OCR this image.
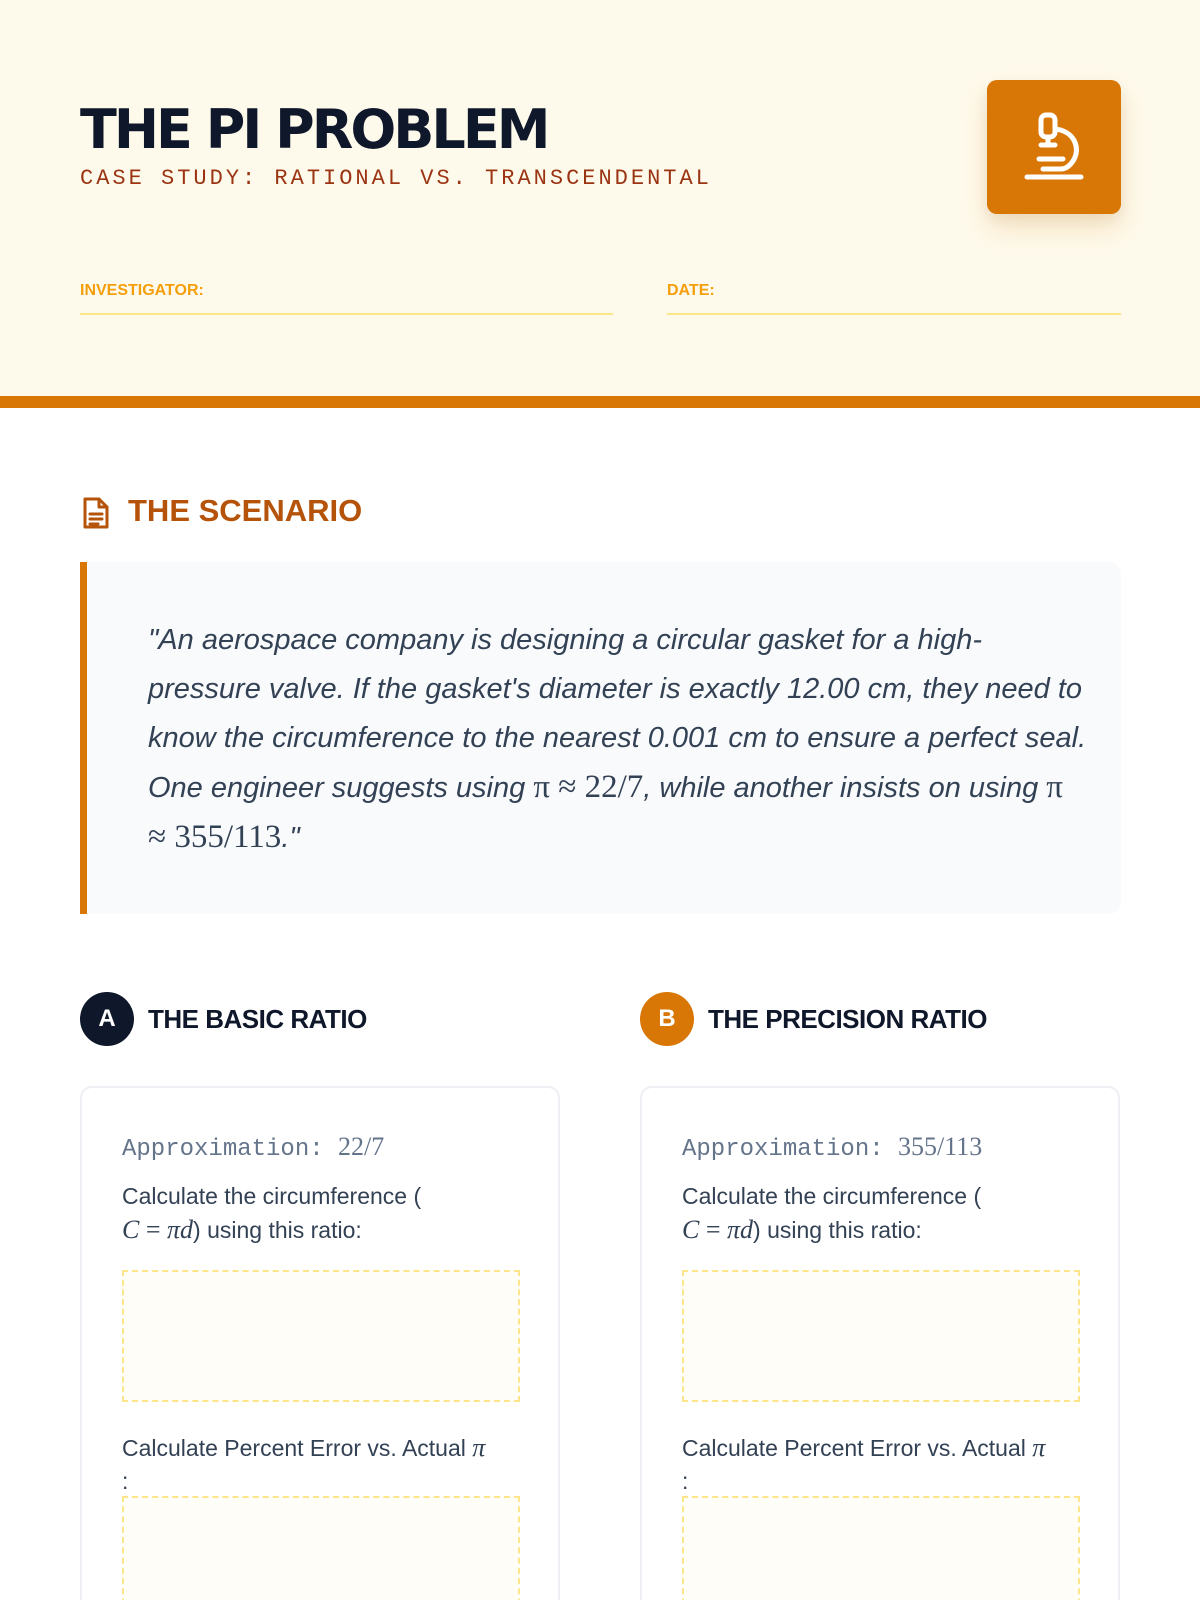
THE PI PROBLEM
CASE STUDY: RATIONAL VS. TRANSCENDENTAL
INVESTIGATOR:	DATE:
THE SCENARIO

"An aerospace company is designing a circular gasket for a high-pressure valve. If the gasket's diameter is exactly 12.00 cm, they need to know the circumference to the nearest 0.001 cm to ensure a perfect seal. One engineer suggests using π ≈ 22/7, while another insists on using π ≈ 355/113."

A	THE BASIC RATIO
Approximation: 22/7

Calculate the circumference (
C = πd) using this ratio:

Calculate Percent Error vs. Actual π
:

B	THE PRECISION RATIO
Approximation: 355/113

Calculate the circumference (
C = πd) using this ratio:

Calculate Percent Error vs. Actual π
:
